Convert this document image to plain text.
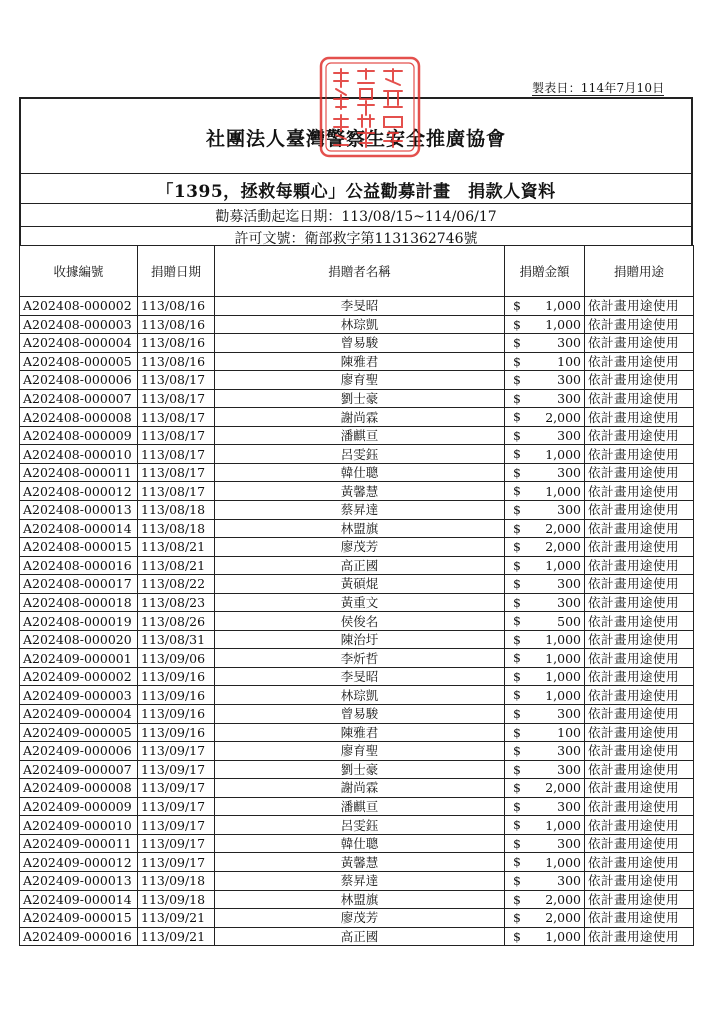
製表日：114年7月10日
社團法人臺灣警察生安全推廣協會
「1395，拯救每顆心」公益勸募計畫　捐款人資料
勸募活動起迄日期：113/08/15~114/06/17
許可文號：衛部救字第1131362746號
收據編號	捐贈日期	捐贈者名稱	捐贈金額	捐贈用途
A202408-000002	113/08/16	李旻昭	$ 1,000	依計畫用途使用
A202408-000003	113/08/16	林琮凱	$ 1,000	依計畫用途使用
A202408-000004	113/08/16	曾易駿	$ 300	依計畫用途使用
A202408-000005	113/08/16	陳雅君	$ 100	依計畫用途使用
A202408-000006	113/08/17	廖育聖	$ 300	依計畫用途使用
A202408-000007	113/08/17	劉士豪	$ 300	依計畫用途使用
A202408-000008	113/08/17	謝尚霖	$ 2,000	依計畫用途使用
A202408-000009	113/08/17	潘麒亘	$ 300	依計畫用途使用
A202408-000010	113/08/17	呂雯鈺	$ 1,000	依計畫用途使用
A202408-000011	113/08/17	韓仕聰	$ 300	依計畫用途使用
A202408-000012	113/08/17	黃馨慧	$ 1,000	依計畫用途使用
A202408-000013	113/08/18	蔡昇達	$ 300	依計畫用途使用
A202408-000014	113/08/18	林盟旗	$ 2,000	依計畫用途使用
A202408-000015	113/08/21	廖茂芳	$ 2,000	依計畫用途使用
A202408-000016	113/08/21	高正國	$ 1,000	依計畫用途使用
A202408-000017	113/08/22	黃碩焜	$ 300	依計畫用途使用
A202408-000018	113/08/23	黃重文	$ 300	依計畫用途使用
A202408-000019	113/08/26	侯俊名	$ 500	依計畫用途使用
A202408-000020	113/08/31	陳治圩	$ 1,000	依計畫用途使用
A202409-000001	113/09/06	李炘哲	$ 1,000	依計畫用途使用
A202409-000002	113/09/16	李旻昭	$ 1,000	依計畫用途使用
A202409-000003	113/09/16	林琮凱	$ 1,000	依計畫用途使用
A202409-000004	113/09/16	曾易駿	$ 300	依計畫用途使用
A202409-000005	113/09/16	陳雅君	$ 100	依計畫用途使用
A202409-000006	113/09/17	廖育聖	$ 300	依計畫用途使用
A202409-000007	113/09/17	劉士豪	$ 300	依計畫用途使用
A202409-000008	113/09/17	謝尚霖	$ 2,000	依計畫用途使用
A202409-000009	113/09/17	潘麒亘	$ 300	依計畫用途使用
A202409-000010	113/09/17	呂雯鈺	$ 1,000	依計畫用途使用
A202409-000011	113/09/17	韓仕聰	$ 300	依計畫用途使用
A202409-000012	113/09/17	黃馨慧	$ 1,000	依計畫用途使用
A202409-000013	113/09/18	蔡昇達	$ 300	依計畫用途使用
A202409-000014	113/09/18	林盟旗	$ 2,000	依計畫用途使用
A202409-000015	113/09/21	廖茂芳	$ 2,000	依計畫用途使用
A202409-000016	113/09/21	高正國	$ 1,000	依計畫用途使用
